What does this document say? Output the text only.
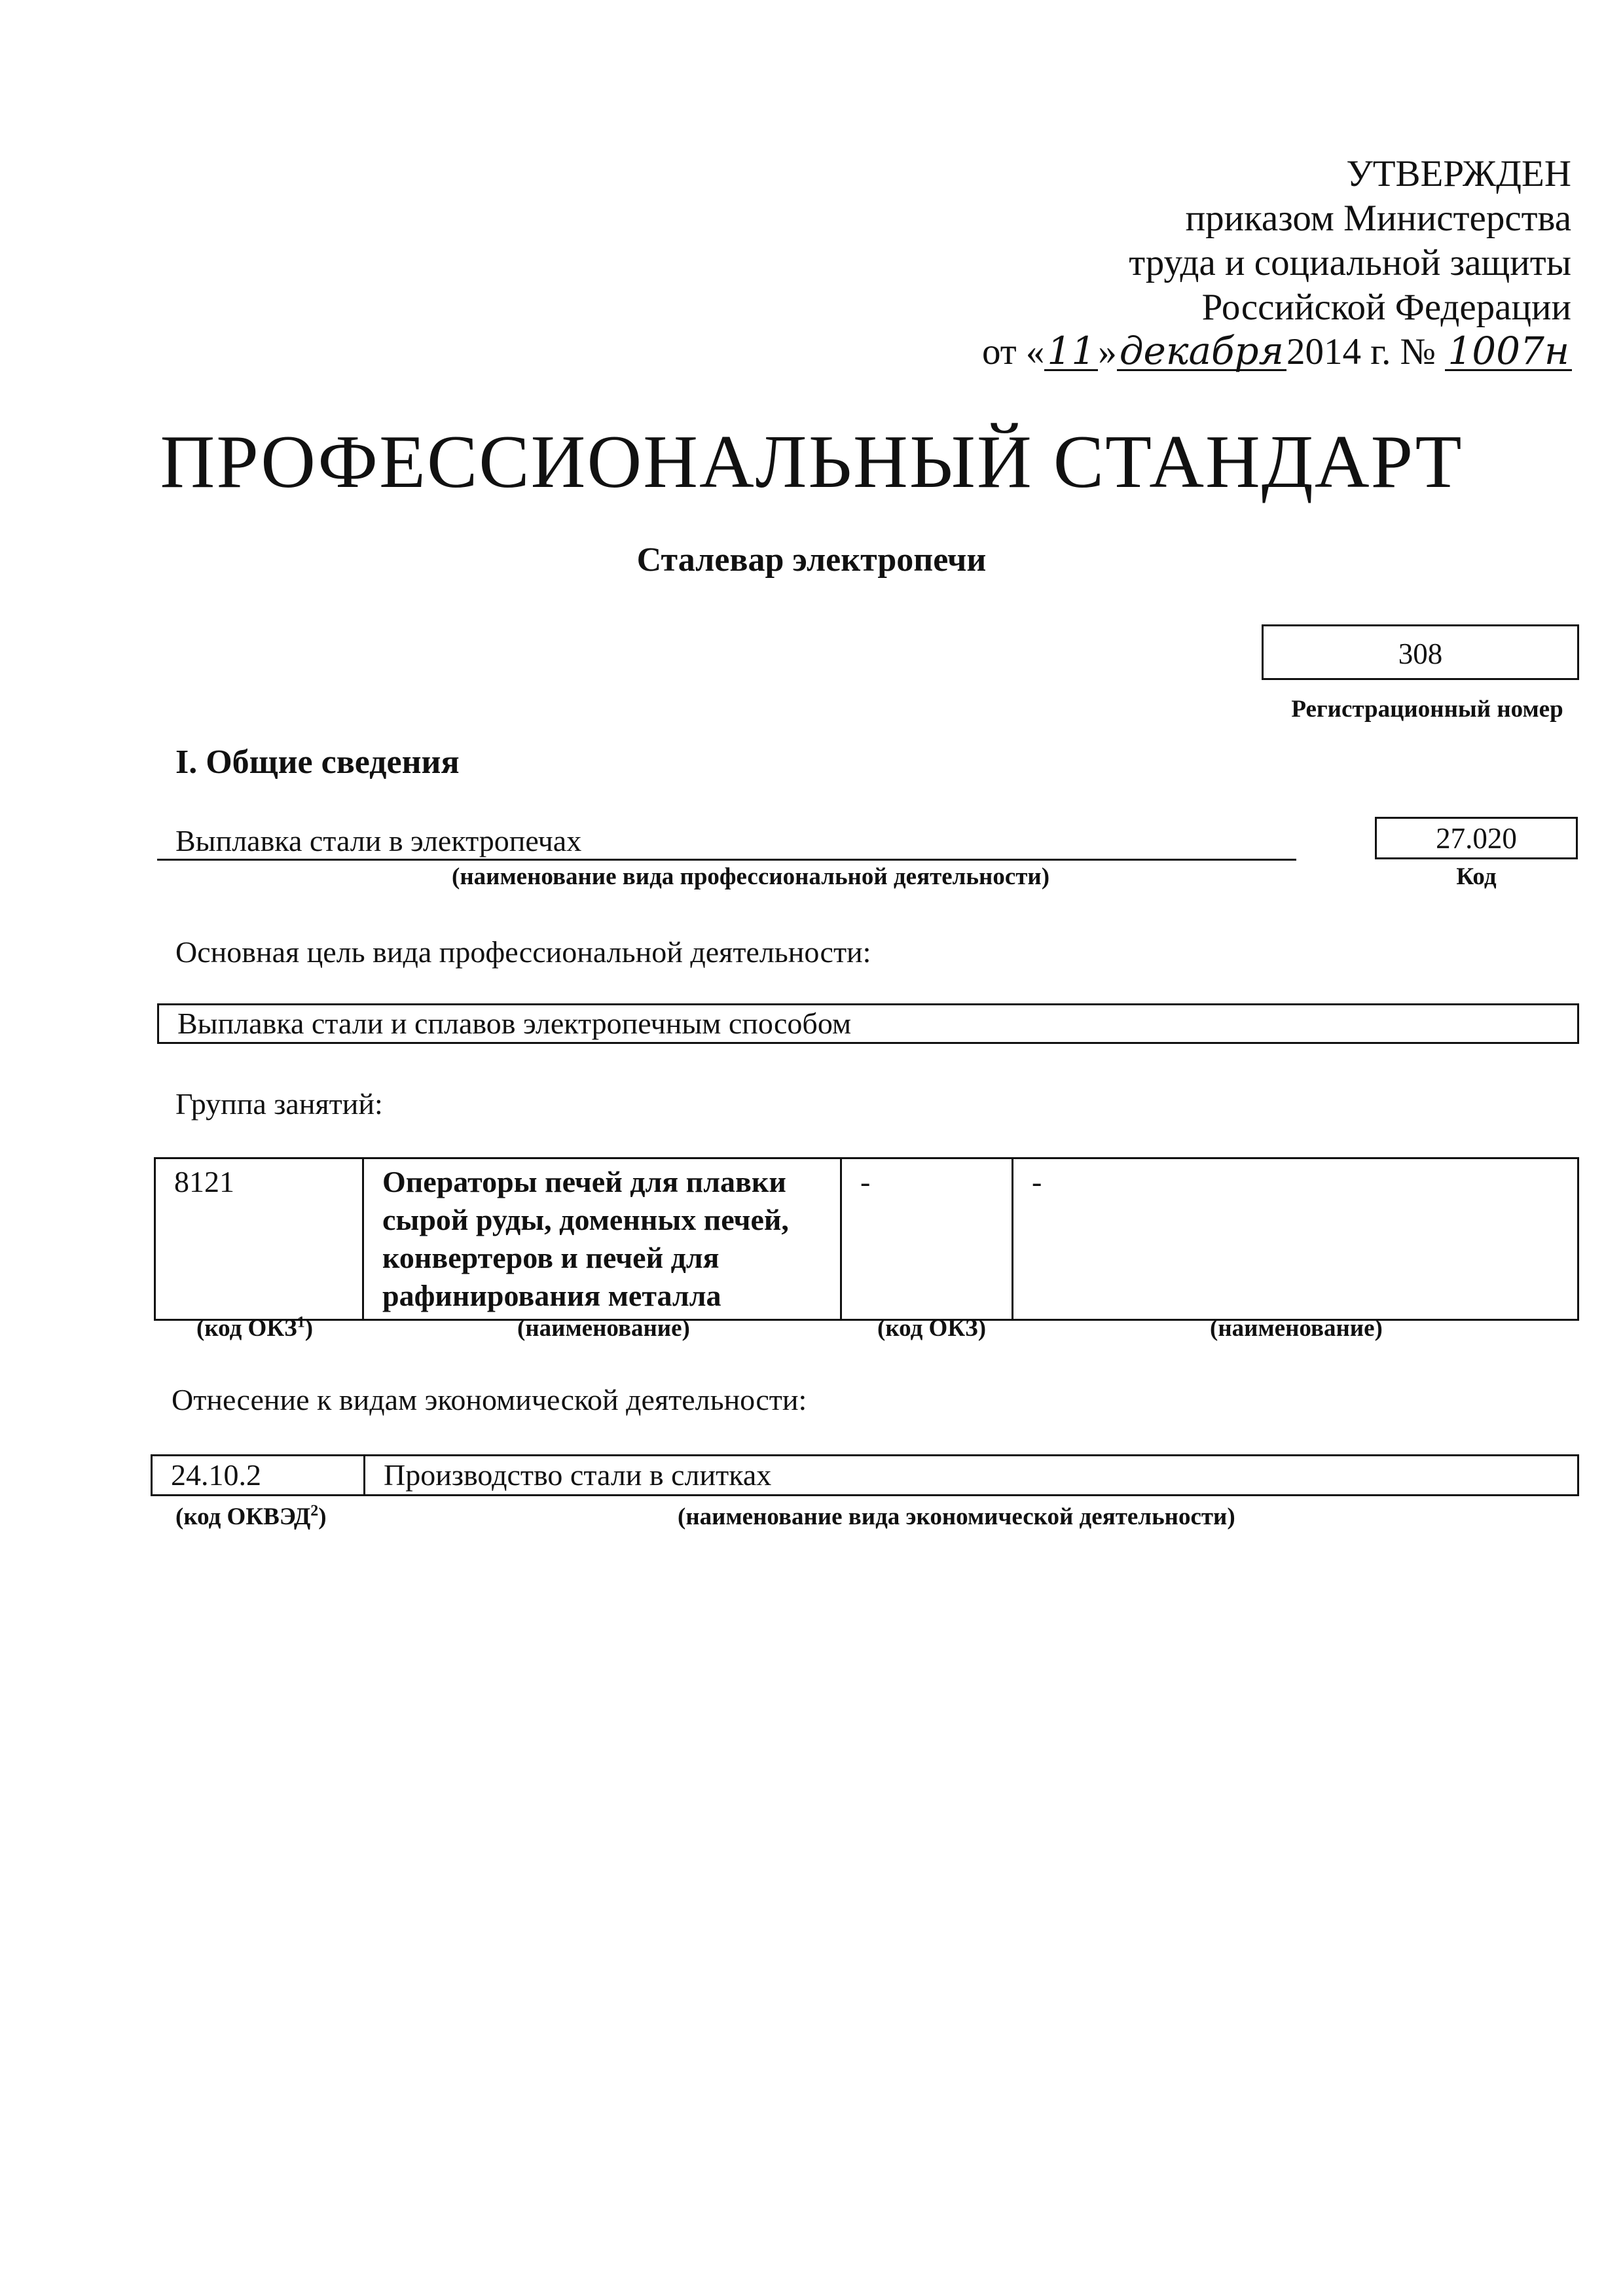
УТВЕРЖДЕН
приказом Министерства
труда и социальной защиты
Российской Федерации
от «11»декабря2014 г. № 1007н
ПРОФЕССИОНАЛЬНЫЙ СТАНДАРТ
Сталевар электропечи
308
Регистрационный номер
I. Общие сведения
Выплавка стали в электропечах
(наименование вида профессиональной деятельности)
27.020
Код
Основная цель вида профессиональной деятельности:
Выплавка стали и сплавов электропечным способом
Группа занятий:
8121	Операторы печей для плавки сырой руды, доменных печей, конвертеров и печей для рафинирования металла	-	-
(код ОКЗ$^1$)	(наименование)	(код ОКЗ)	(наименование)
Отнесение к видам экономической деятельности:
24.10.2	Производство стали в слитках
(код ОКВЭД$^2$)	(наименование вида экономической деятельности)
